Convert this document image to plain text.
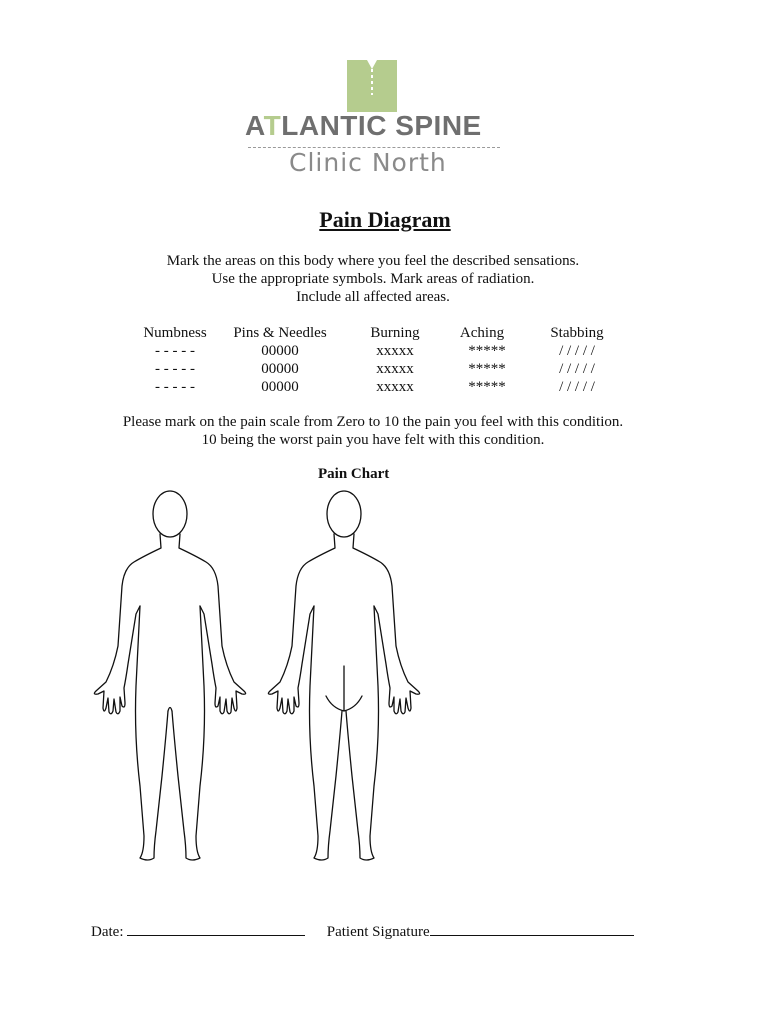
ATLANTIC SPINE
Clinic North
Pain Diagram
Mark the areas on this body where you feel the described sensations.
Use the appropriate symbols. Mark areas of radiation.
Include all affected areas.
Numbness
- - - - -
- - - - -
- - - - -
Pins & Needles
00000
00000
00000
Burning
xxxxx
xxxxx
xxxxx
Aching
*****
*****
*****
Stabbing
/ / / / /
/ / / / /
/ / / / /
Please mark on the pain scale from Zero to 10 the pain you feel with this condition.
10 being the worst pain you have felt with this condition.
Pain Chart
Date:	Patient Signature
